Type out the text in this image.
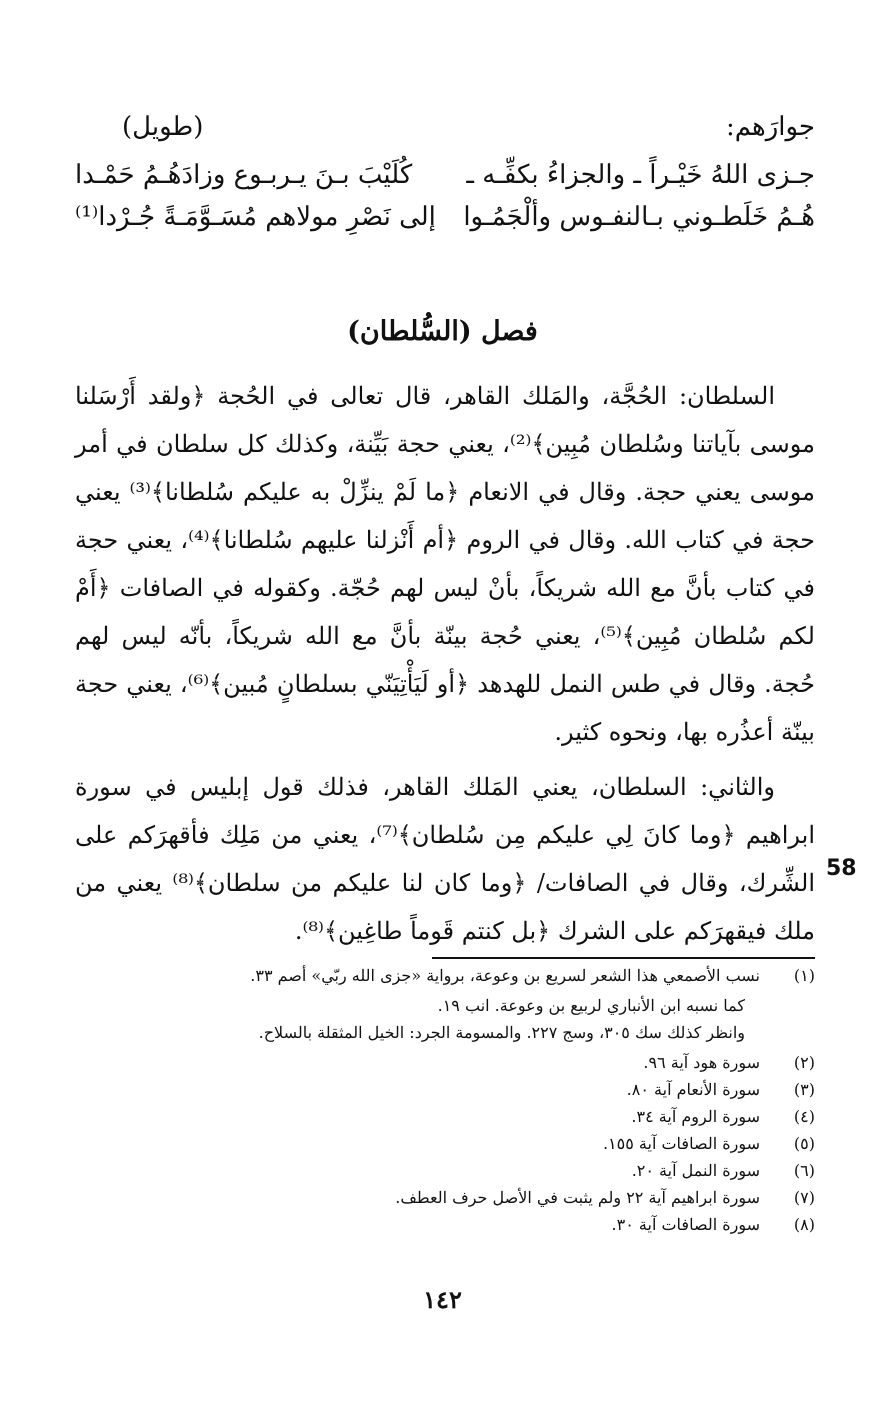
جوارَهم:
(طويل)
جـزى اللهُ خَيْـراً ـ والجزاءُ بكفِّـه ـ
كُلَيْبَ بـنَ يـربـوع وزادَهُـمُ حَمْـدا
هُـمُ خَلَطـوني بـالنفـوس وألْجَمُـوا
إلى نَصْرِ مولاهم مُسَـوَّمَـةً جُـرْدا⁽¹⁾
فصل (السُّلطان)

السلطان: الحُجَّة، والمَلك القاهر، قال تعالى في الحُجة ﴿ولقد أَرْسَلنا موسى بآياتنا وسُلطان مُبِين﴾⁽²⁾، يعني حجة بَيِّنة، وكذلك كل سلطان في أمر موسى يعني حجة. وقال في الانعام ﴿ما لَمْ ينزِّلْ به عليكم سُلطانا﴾⁽³⁾ يعني حجة في كتاب الله. وقال في الروم ﴿أم أَنْزلنا عليهم سُلطانا﴾⁽⁴⁾، يعني حجة في كتاب بأنَّ مع الله شريكاً، بأنْ ليس لهم حُجّة. وكقوله في الصافات ﴿أَمْ لكم سُلطان مُبِين﴾⁽⁵⁾، يعني حُجة بينّة بأنَّ مع الله شريكاً، بأنّه ليس لهم حُجة. وقال في طس النمل للهدهد ﴿أو لَيَأْتِيَنّي بسلطانٍ مُبين﴾⁽⁶⁾، يعني حجة بينّة أعذُره بها، ونحوه كثير.

والثاني: السلطان، يعني المَلك القاهر، فذلك قول إبليس في سورة ابراهيم ﴿وما كانَ لِي عليكم مِن سُلطان﴾⁽⁷⁾، يعني من مَلِك فأقهرَكم على الشِّرك، وقال في الصافات/ ﴿وما كان لنا عليكم من سلطان﴾⁽⁸⁾ يعني من ملك فيقهرَكم على الشرك ﴿بل كنتم قَوماً طاغِين﴾⁽⁸⁾.

58
(١)
نسب الأصمعي هذا الشعر لسريع بن وعوعة، برواية «جزى الله ربّي» أصم ٣٣.
كما نسبه ابن الأنباري لربيع بن وعوعة. انب ١٩.
وانظر كذلك سك ٣٠٥، وسج ٢٢٧. والمسومة الجرد: الخيل المثقلة بالسلاح.
(٢)
سورة هود آية ٩٦.
(٣)
سورة الأنعام آية ٨٠.
(٤)
سورة الروم آية ٣٤.
(٥)
سورة الصافات آية ١٥٥.
(٦)
سورة النمل آية ٢٠.
(٧)
سورة ابراهيم آية ٢٢ ولم يثبت في الأصل حرف العطف.
(٨)
سورة الصافات آية ٣٠.
١٤٢
